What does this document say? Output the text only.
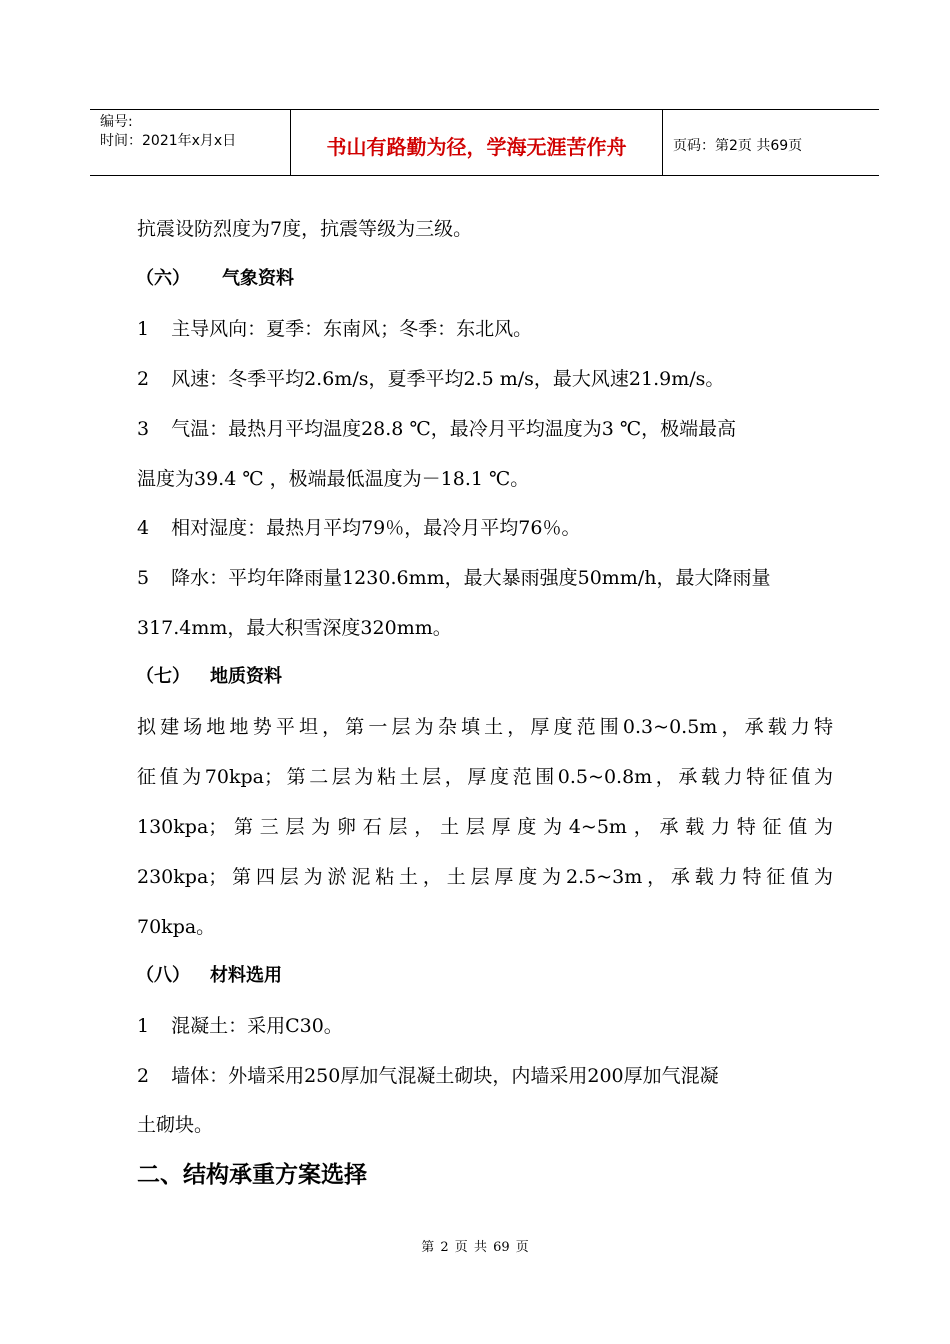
编号:
时间：2021年x月x日	书山有路勤为径，学海无涯苦作舟	页码：第2页 共69页
抗震设防烈度为7度，抗震等级为三级。
（六） 气象资料
1 主导风向：夏季：东南风；冬季：东北风。
2 风速：冬季平均2.6m/s，夏季平均2.5 m/s，最大风速21.9m/s。
3 气温：最热月平均温度28.8 ℃，最冷月平均温度为3 ℃，极端最高
温度为39.4 ℃ ，极端最低温度为－18.1 ℃。
4 相对湿度：最热月平均79％，最冷月平均76％。
5 降水：平均年降雨量1230.6mm，最大暴雨强度50mm/h，最大降雨量
317.4mm，最大积雪深度320mm。
（七） 地质资料
拟建场地地势平坦，第一层为杂填土，厚度范围0.3~0.5m，承载力特
征值为70kpa；第二层为粘土层，厚度范围0.5~0.8m，承载力特征值为
130kpa；第三层为卵石层，土层厚度为4~5m，承载力特征值为
230kpa；第四层为淤泥粘土，土层厚度为2.5~3m，承载力特征值为
70kpa。
（八） 材料选用
1 混凝土：采用C30。
2 墙体：外墙采用250厚加气混凝土砌块，内墙采用200厚加气混凝
土砌块。
二、结构承重方案选择
第 2 页 共 69 页
